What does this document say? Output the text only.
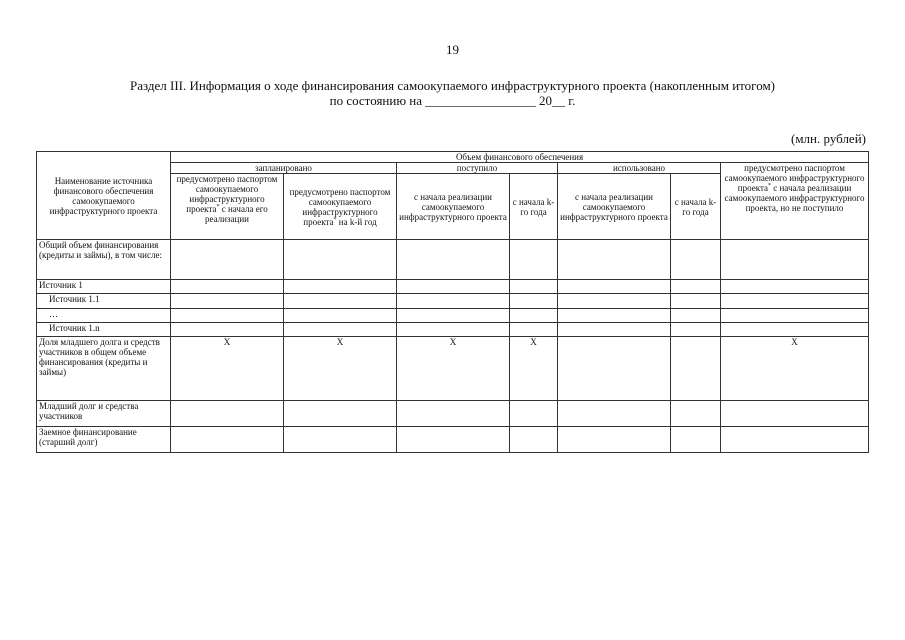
19
Раздел III. Информация о ходе финансирования самоокупаемого инфраструктурного проекта (накопленным итогом)
по состоянию на _________________ 20__ г.
(млн. рублей)
Наименование источника финансового обеспечения самоокупаемого инфраструктурного проекта	Объем финансового обеспечения						
	запланировано		поступило		использовано		предусмотрено паспортом самоокупаемого инфраструктурного проекта* с начала реализации самоокупаемого инфраструктурного проекта, но не поступило
	предусмотрено паспортом самоокупаемого инфраструктурного проекта* с начала его реализации	предусмотрено паспортом самоокупаемого инфраструктурного проекта* на k-й год	с начала реализации самоокупаемого инфраструктурного проекта	с начала k-го года	с начала реализации самоокупаемого инфраструктурного проекта	с начала k-го года	
Общий объем финансирования (кредиты и займы), в том числе:							
Источник 1							
Источник 1.1							
…							
Источник 1.n							
Доля младшего долга и средств участников в общем объеме финансирования (кредиты и займы)	X	X	X	X			X
Младший долг и средства участников							
Заемное финансирование (старший долг)							
